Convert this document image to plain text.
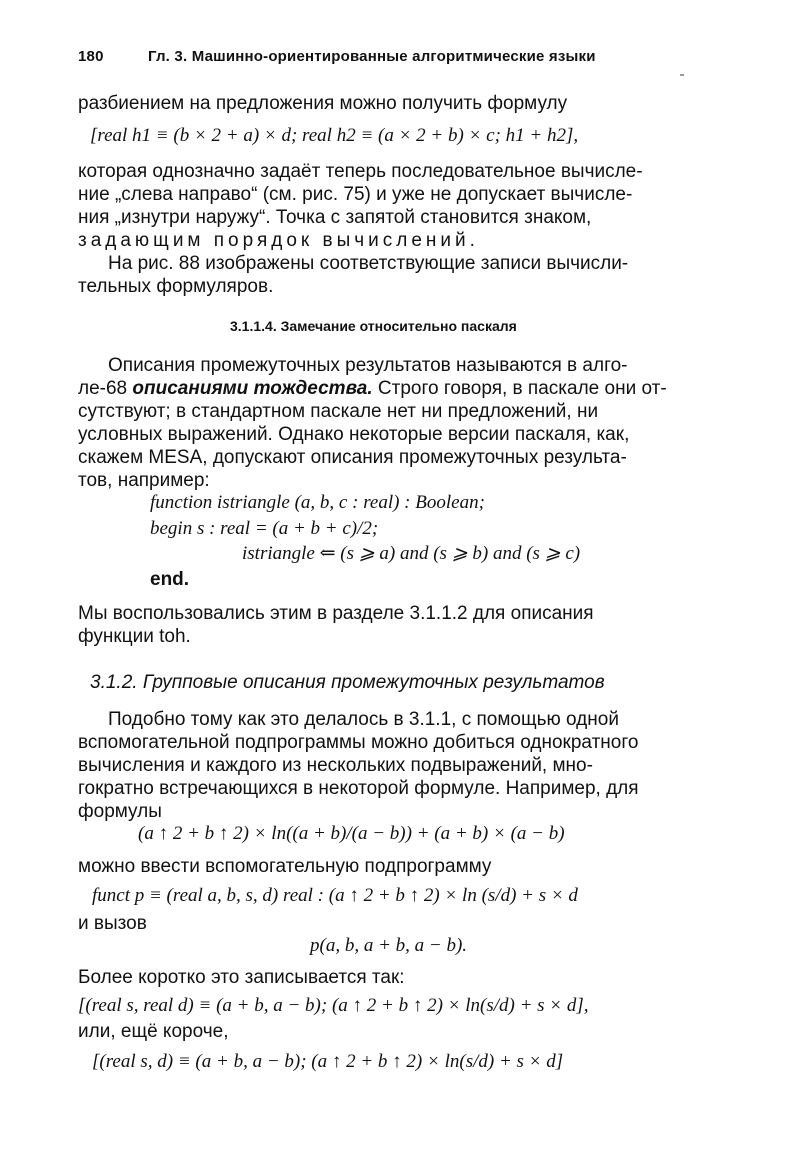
180	Гл. 3. Машинно-ориентированные алгоритмические языки
разбиением на предложения можно получить формулу
[real h1 ≡ (b × 2 + a) × d; real h2 ≡ (a × 2 + b) × c; h1 + h2],
которая однозначно задаёт теперь последовательное вычисле-
ние „слева направо“ (см. рис. 75) и уже не допускает вычисле-
ния „изнутри наружу“. Точка с запятой становится знаком,
задающим порядок вычислений.
На рис. 88 изображены соответствующие записи вычисли-
тельных формуляров.
3.1.1.4. Замечание относительно паскаля
Описания промежуточных результатов называются в алго-
ле-68 описаниями тождества. Строго говоря, в паскале они от-
сутствуют; в стандартном паскале нет ни предложений, ни
условных выражений. Однако некоторые версии паскаля, как,
скажем MESA, допускают описания промежуточных результа-
тов, например:
function istriangle (a, b, c : real) : Boolean;
begin s : real = (a + b + c)/2;
istriangle ⇐ (s ⩾ a) and (s ⩾ b) and (s ⩾ c)
end.
Мы воспользовались этим в разделе 3.1.1.2 для описания
функции toh.
3.1.2. Групповые описания промежуточных результатов
Подобно тому как это делалось в 3.1.1, с помощью одной
вспомогательной подпрограммы можно добиться однократного
вычисления и каждого из нескольких подвыражений, мно-
гократно встречающихся в некоторой формуле. Например, для
формулы
(a ↑ 2 + b ↑ 2) × ln((a + b)/(a − b)) + (a + b) × (a − b)
можно ввести вспомогательную подпрограмму
funct p ≡ (real a, b, s, d) real : (a ↑ 2 + b ↑ 2) × ln (s/d) + s × d
и вызов
p(a, b, a + b, a − b).
Более коротко это записывается так:
[(real s, real d) ≡ (a + b, a − b); (a ↑ 2 + b ↑ 2) × ln(s/d) + s × d],
или, ещё короче,
[(real s, d) ≡ (a + b, a − b); (a ↑ 2 + b ↑ 2) × ln(s/d) + s × d]
